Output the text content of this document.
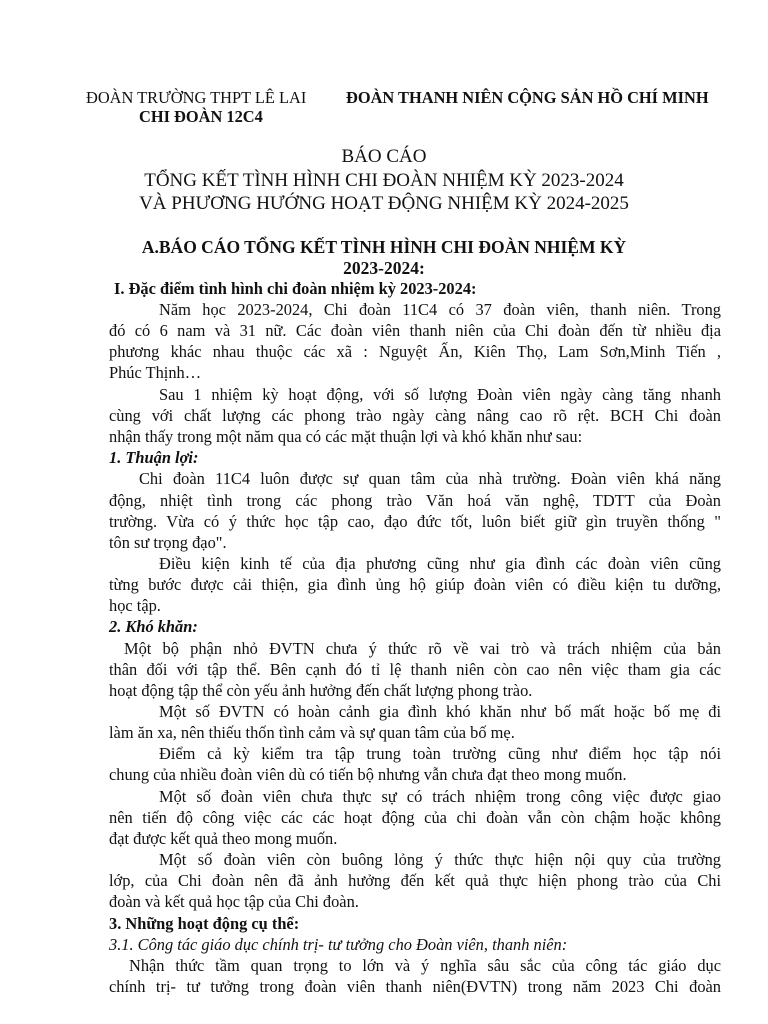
ĐOÀN TRƯỜNG THPT LÊ LAI ĐOÀN THANH NIÊN CỘNG SẢN HỒ CHÍ MINH
CHI ĐOÀN 12C4
BÁO CÁO
TỔNG KẾT TÌNH HÌNH CHI ĐOÀN NHIỆM KỲ 2023-2024
VÀ PHƯƠNG HƯỚNG HOẠT ĐỘNG NHIỆM KỲ 2024-2025
A.BÁO CÁO TỔNG KẾT TÌNH HÌNH CHI ĐOÀN NHIỆM KỲ
2023-2024:
I. Đặc điểm tình hình chi đoàn nhiệm kỳ 2023-2024:
Năm học 2023-2024, Chi đoàn 11C4 có 37 đoàn viên, thanh niên. Trong
đó có 6 nam và 31 nữ. Các đoàn viên thanh niên của Chi đoàn đến từ nhiều địa
phương khác nhau thuộc các xã : Nguyệt Ấn, Kiên Thọ, Lam Sơn,Minh Tiến ,
Phúc Thịnh…
Sau 1 nhiệm kỳ hoạt động, với số lượng Đoàn viên ngày càng tăng nhanh
cùng với chất lượng các phong trào ngày càng nâng cao rõ rệt. BCH Chi đoàn
nhận thấy trong một năm qua có các mặt thuận lợi và khó khăn như sau:
1. Thuận lợi:
Chi đoàn 11C4 luôn được sự quan tâm của nhà trường. Đoàn viên khá năng
động, nhiệt tình trong các phong trào Văn hoá văn nghệ, TDTT của Đoàn
trường. Vừa có ý thức học tập cao, đạo đức tốt, luôn biết giữ gìn truyền thống "
tôn sư trọng đạo".
Điều kiện kinh tế của địa phương cũng như gia đình các đoàn viên cũng
từng bước được cải thiện, gia đình ủng hộ giúp đoàn viên có điều kiện tu dưỡng,
học tập.
2. Khó khăn:
Một bộ phận nhỏ ĐVTN chưa ý thức rõ về vai trò và trách nhiệm của bản
thân đối với tập thể. Bên cạnh đó tỉ lệ thanh niên còn cao nên việc tham gia các
hoạt động tập thể còn yếu ảnh hưởng đến chất lượng phong trào.
Một số ĐVTN có hoàn cảnh gia đình khó khăn như bố mất hoặc bố mẹ đi
làm ăn xa, nên thiếu thốn tình cảm và sự quan tâm của bố mẹ.
Điểm cả kỳ kiểm tra tập trung toàn trường cũng như điểm học tập nói
chung của nhiều đoàn viên dù có tiến bộ nhưng vẫn chưa đạt theo mong muốn.
Một số đoàn viên chưa thực sự có trách nhiệm trong công việc được giao
nên tiến độ công việc các các hoạt động của chi đoàn vẫn còn chậm hoặc không
đạt được kết quả theo mong muốn.
Một số đoàn viên còn buông lỏng ý thức thực hiện nội quy của trường
lớp, của Chi đoàn nên đã ảnh hưởng đến kết quả thực hiện phong trào của Chi
đoàn và kết quả học tập của Chi đoàn.
3. Những hoạt động cụ thể:
3.1. Công tác giáo dục chính trị- tư tưởng cho Đoàn viên, thanh niên:
Nhận thức tầm quan trọng to lớn và ý nghĩa sâu sắc của công tác giáo dục
chính trị- tư tưởng trong đoàn viên thanh niên(ĐVTN) trong năm 2023 Chi đoàn
